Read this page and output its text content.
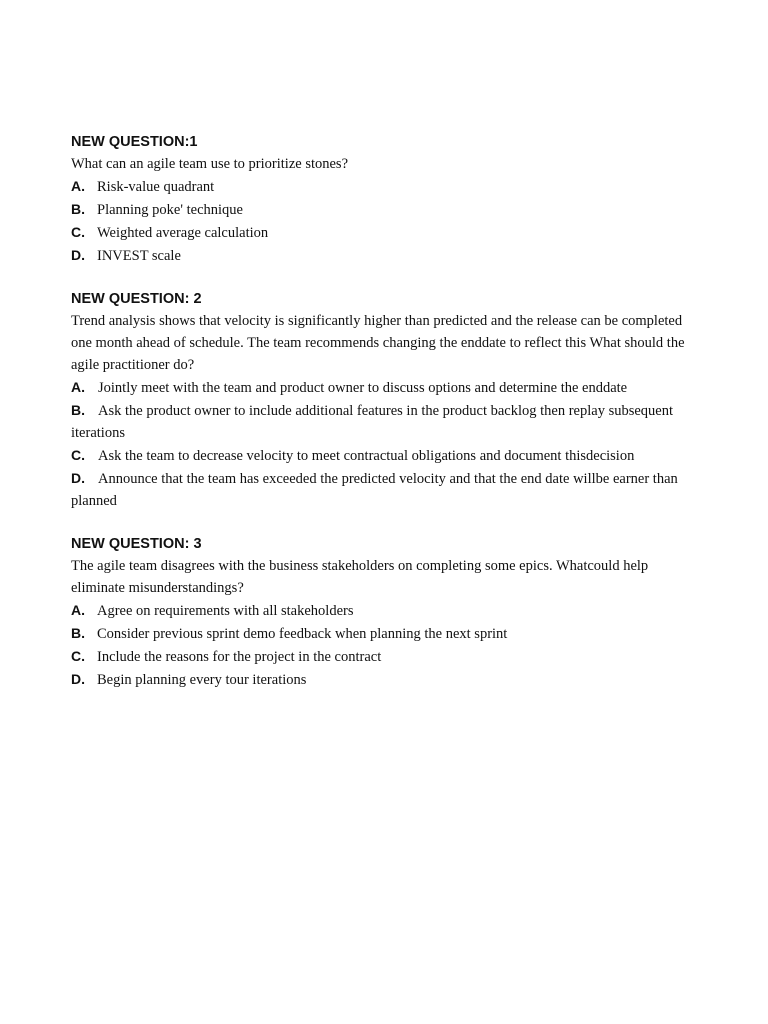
NEW QUESTION:1

What can an agile team use to prioritize stones?

A. Risk-value quadrant

B. Planning poke' technique

C. Weighted average calculation

D. INVEST scale

NEW QUESTION: 2

Trend analysis shows that velocity is significantly higher than predicted and the release can be completed one month ahead of schedule. The team recommends changing the enddate to reflect this What should the agile practitioner do?

A. Jointly meet with the team and product owner to discuss options and determine the enddate

B. Ask the product owner to include additional features in the product backlog then replay subsequent iterations

C. Ask the team to decrease velocity to meet contractual obligations and document thisdecision

D. Announce that the team has exceeded the predicted velocity and that the end date willbe earner than planned

NEW QUESTION: 3

The agile team disagrees with the business stakeholders on completing some epics. Whatcould help eliminate misunderstandings?

A. Agree on requirements with all stakeholders

B. Consider previous sprint demo feedback when planning the next sprint

C. Include the reasons for the project in the contract

D. Begin planning every tour iterations
